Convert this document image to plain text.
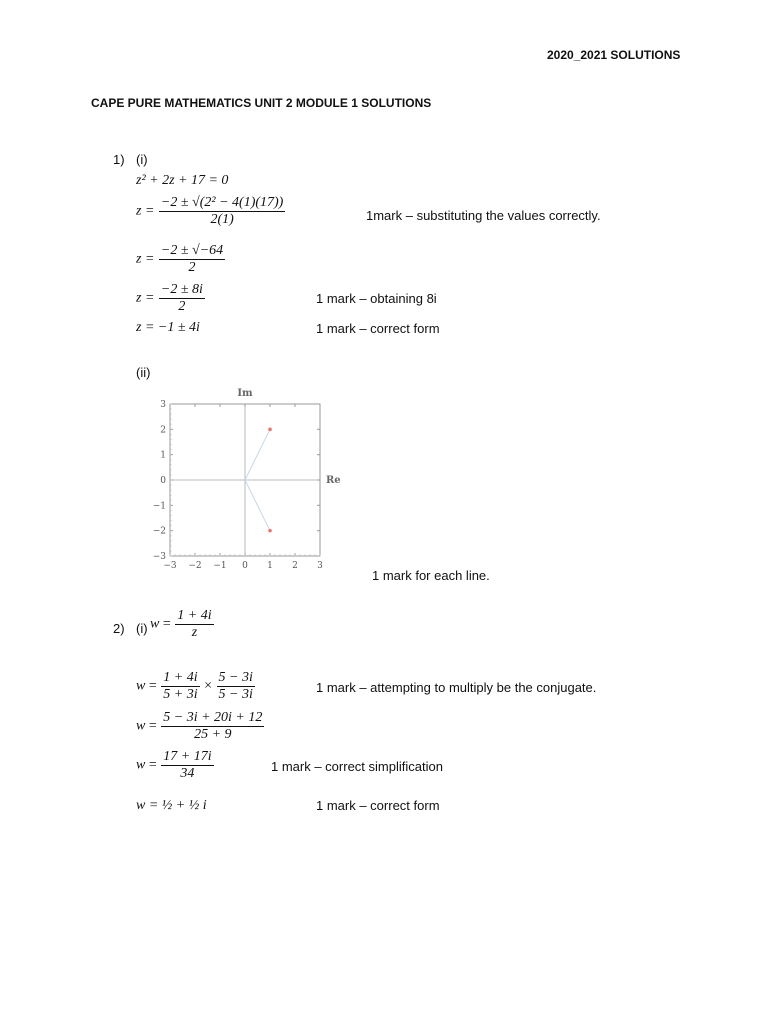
2020_2021 SOLUTIONS
CAPE PURE MATHEMATICS UNIT 2 MODULE 1 SOLUTIONS
1) (i)
z² + 2z + 17 = 0
$z = \frac{\text{−2 ± √(2² − 4(1)(17))}}{2(1)}$	1mark – substituting the values correctly.
$z = \frac{-2 \pm √-64}{2}$
$z = \frac{-2 \pm 8i}{2}$	1 mark – obtaining 8i
z = −1 ± 4i	1 mark – correct form
(ii)
−3 −2 −1 0 1 2 3
3
2
1
0
−1
−2
−3
Im
Re
1 mark for each line.
2) (i) $w = \frac{1 + 4i}{z}$
$w = \frac{1 + 4i}{5 + 3i} \times \frac{5 - 3i}{5 - 3i}$	1 mark – attempting to multiply be the conjugate.
$w = \frac{5 - 3i + 20i + 12}{25 + 9}$
$w = \frac{17 + 17i}{34}$	1 mark – correct simplification
w = ½ + ½ i	1 mark – correct form
